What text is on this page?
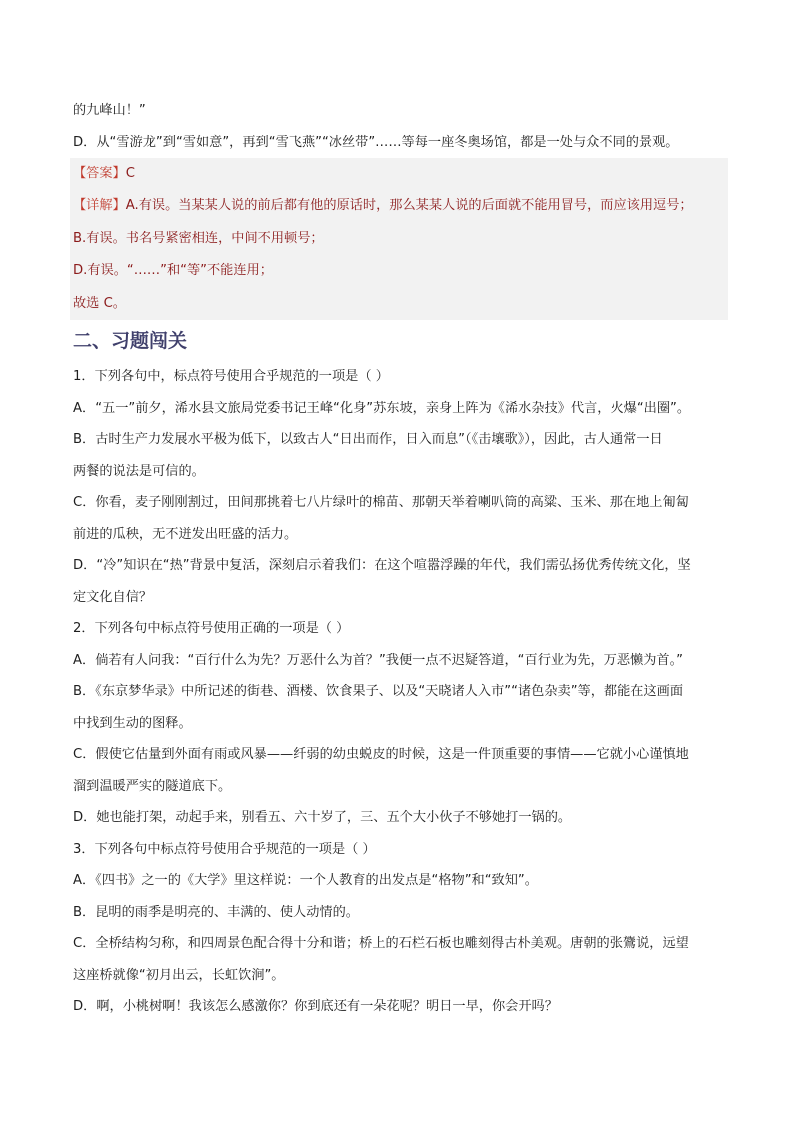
的九峰山！”
D．从“雪游龙”到“雪如意”，再到“雪飞燕”“冰丝带”……等每一座冬奥场馆，都是一处与众不同的景观。
【答案】C
【详解】A.有误。当某某人说的前后都有他的原话时，那么某某人说的后面就不能用冒号，而应该用逗号；
B.有误。书名号紧密相连，中间不用顿号；
D.有误。“……”和“等”不能连用；
故选 C。
二、习题闯关
1．下列各句中，标点符号使用合乎规范的一项是（ ）
A．“五一”前夕，浠水县文旅局党委书记王峰“化身”苏东坡，亲身上阵为《浠水杂技》代言，火爆“出圈”。
B．古时生产力发展水平极为低下，以致古人“日出而作，日入而息”（《击壤歌》），因此，古人通常一日
两餐的说法是可信的。
C．你看，麦子刚刚割过，田间那挑着七八片绿叶的棉苗、那朝天举着喇叭筒的高粱、玉米、那在地上匍匐
前进的瓜秧，无不迸发出旺盛的活力。
D．“冷”知识在“热”背景中复活，深刻启示着我们：在这个喧嚣浮躁的年代，我们需弘扬优秀传统文化，坚
定文化自信？
2．下列各句中标点符号使用正确的一项是（ ）
A．倘若有人问我：“百行什么为先？万恶什么为首？”我便一点不迟疑答道，“百行业为先，万恶懒为首。”
B．《东京梦华录》中所记述的街巷、酒楼、饮食果子、以及“天晓诸人入市”“诸色杂卖”等，都能在这画面
中找到生动的图释。
C．假使它估量到外面有雨或风暴——纤弱的幼虫蜕皮的时候，这是一件顶重要的事情——它就小心谨慎地
溜到温暖严实的隧道底下。
D．她也能打架，动起手来，别看五、六十岁了，三、五个大小伙子不够她打一锅的。
3．下列各句中标点符号使用合乎规范的一项是（ ）
A．《四书》之一的《大学》里这样说：一个人教育的出发点是“格物”和“致知”。
B．昆明的雨季是明亮的、丰满的、使人动情的。
C．全桥结构匀称，和四周景色配合得十分和谐；桥上的石栏石板也雕刻得古朴美观。唐朝的张鷟说，远望
这座桥就像“初月出云，长虹饮涧”。
D．啊，小桃树啊！我该怎么感激你？你到底还有一朵花呢？明日一早，你会开吗？
